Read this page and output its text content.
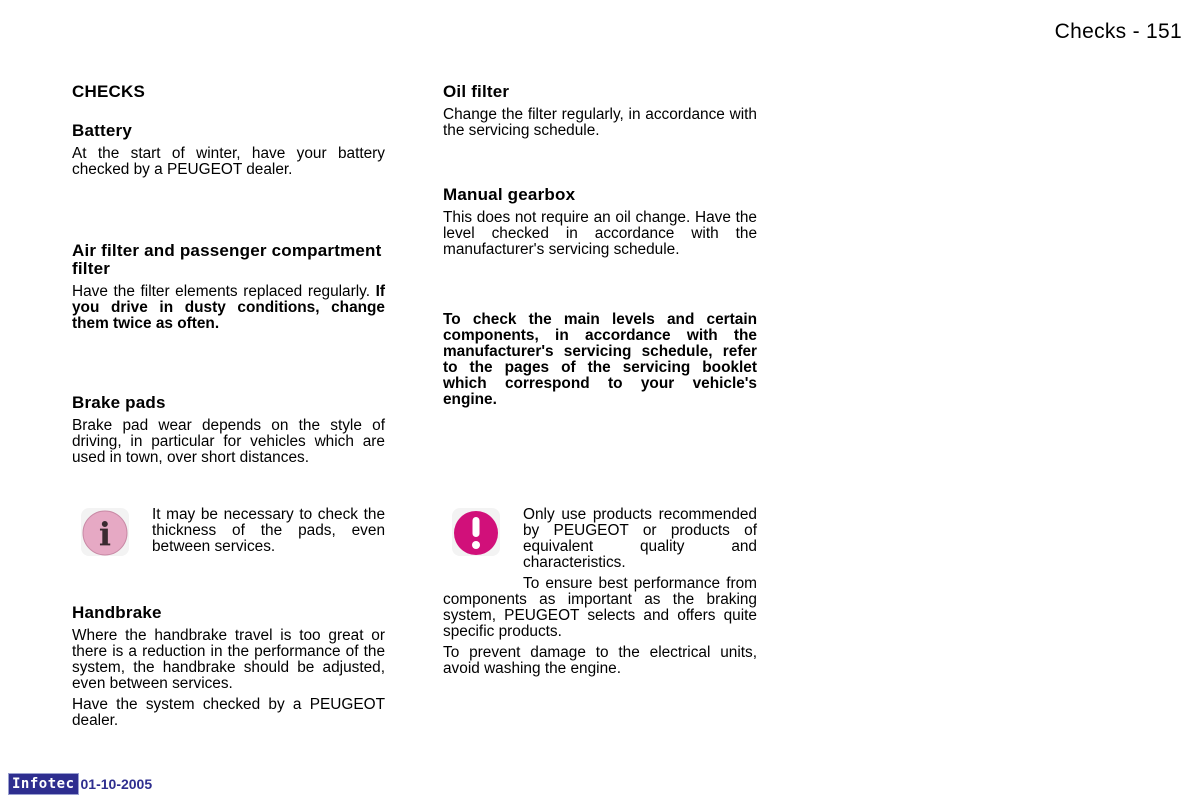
Checks - 151
CHECKS
Battery

At the start of winter, have your battery checked by a PEUGEOT dealer.

Air filter and passenger compartment filter

Have the filter elements replaced regularly. If you drive in dusty conditions, change them twice as often.

Brake pads

Brake pad wear depends on the style of driving, in particular for vehicles which are used in town, over short distances.

i

It may be necessary to check the thickness of the pads, even between services.

Handbrake

Where the handbrake travel is too great or there is a reduction in the performance of the system, the handbrake should be adjusted, even between services.

Have the system checked by a PEUGEOT dealer.

Oil filter

Change the filter regularly, in accordance with the servicing schedule.

Manual gearbox

This does not require an oil change. Have the level checked in accordance with the manufacturer's servicing schedule.

To check the main levels and certain components, in accordance with the manufacturer's servicing schedule, refer to the pages of the servicing booklet which correspond to your vehicle's engine.

Only use products recommended by PEUGEOT or products of equivalent quality and characteristics.

To ensure best performance from components as important as the braking system, PEUGEOT selects and offers quite specific products.

To prevent damage to the electrical units, avoid washing the engine.

Infotec 01-10-2005
